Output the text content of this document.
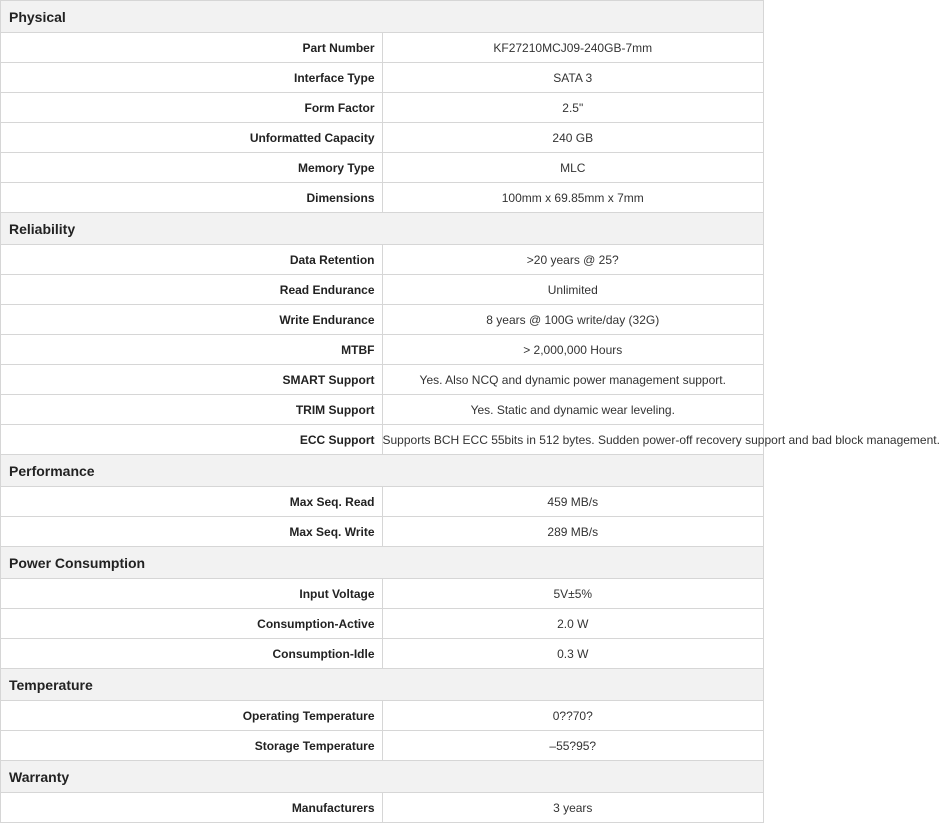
Physical	
Part Number	KF27210MCJ09-240GB-7mm
Interface Type	SATA 3
Form Factor	2.5"
Unformatted Capacity	240 GB
Memory Type	MLC
Dimensions	100mm x 69.85mm x 7mm
Reliability	
Data Retention	>20 years @ 25?
Read Endurance	Unlimited
Write Endurance	8 years @ 100G write/day (32G)
MTBF	> 2,000,000 Hours
SMART Support	Yes. Also NCQ and dynamic power management support.
TRIM Support	Yes. Static and dynamic wear leveling.
ECC Support	Supports BCH ECC 55bits in 512 bytes. Sudden power-off recovery support and bad block management.
Performance	
Max Seq. Read	459 MB/s
Max Seq. Write	289 MB/s
Power Consumption	
Input Voltage	5V±5%
Consumption-Active	2.0 W
Consumption-Idle	0.3 W
Temperature	
Operating Temperature	0??70?
Storage Temperature	–55?95?
Warranty	
Manufacturers	3 years
